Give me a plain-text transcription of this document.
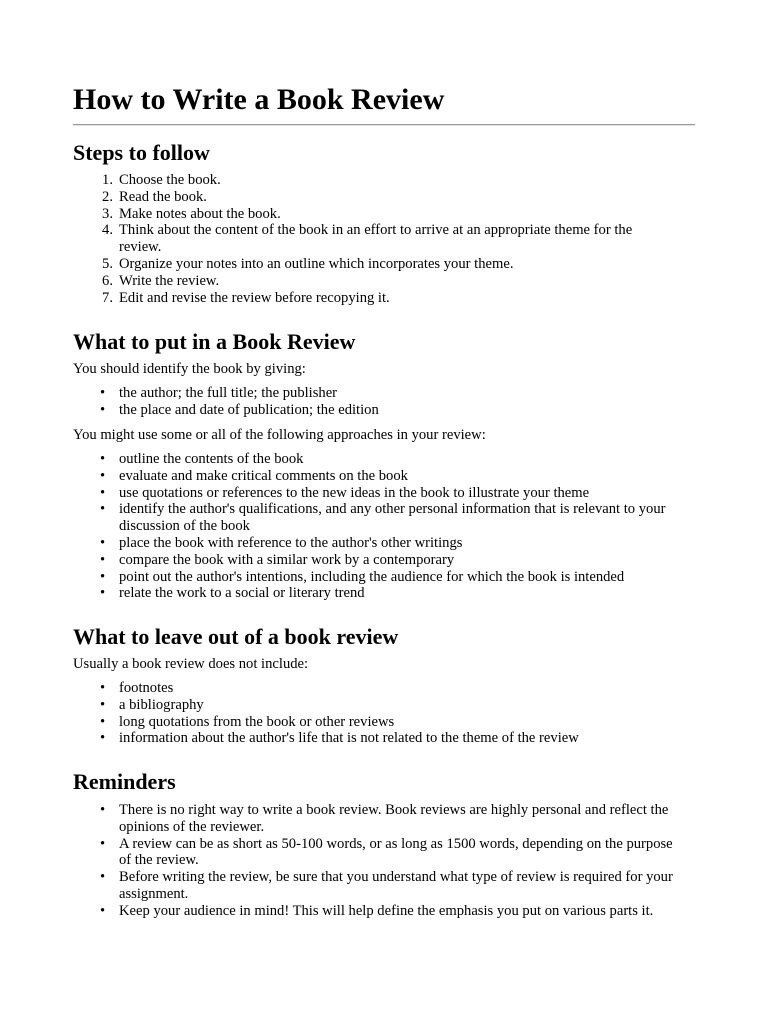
How to Write a Book Review
Steps to follow
1. Choose the book.
2. Read the book.
3. Make notes about the book.
4. Think about the content of the book in an effort to arrive at an appropriate theme for the review.
5. Organize your notes into an outline which incorporates your theme.
6. Write the review.
7. Edit and revise the review before recopying it.
What to put in a Book Review

You should identify the book by giving:

• the author; the full title; the publisher
• the place and date of publication; the edition

You might use some or all of the following approaches in your review:

• outline the contents of the book
• evaluate and make critical comments on the book
• use quotations or references to the new ideas in the book to illustrate your theme
• identify the author's qualifications, and any other personal information that is relevant to your discussion of the book
• place the book with reference to the author's other writings
• compare the book with a similar work by a contemporary
• point out the author's intentions, including the audience for which the book is intended
• relate the work to a social or literary trend
What to leave out of a book review

Usually a book review does not include:

• footnotes
• a bibliography
• long quotations from the book or other reviews
• information about the author's life that is not related to the theme of the review
Reminders
• There is no right way to write a book review. Book reviews are highly personal and reflect the opinions of the reviewer.
• A review can be as short as 50-100 words, or as long as 1500 words, depending on the purpose of the review.
• Before writing the review, be sure that you understand what type of review is required for your assignment.
• Keep your audience in mind! This will help define the emphasis you put on various parts it.
